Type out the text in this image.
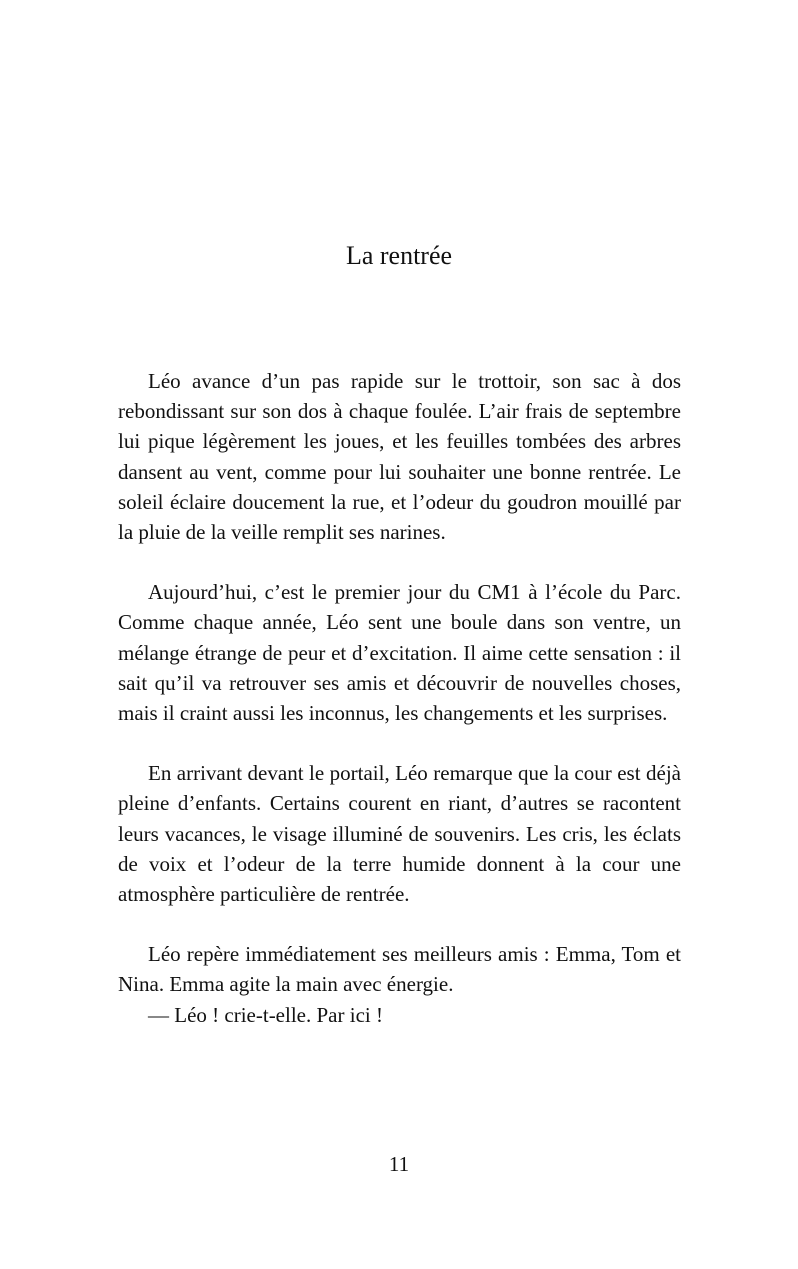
La rentrée

Léo avance d’un pas rapide sur le trottoir, son sac à dos rebondissant sur son dos à chaque foulée. L’air frais de septembre lui pique légèrement les joues, et les feuilles tombées des arbres dansent au vent, comme pour lui souhaiter une bonne rentrée. Le soleil éclaire doucement la rue, et l’odeur du goudron mouillé par la pluie de la veille remplit ses narines.

Aujourd’hui, c’est le premier jour du CM1 à l’école du Parc. Comme chaque année, Léo sent une boule dans son ventre, un mélange étrange de peur et d’excitation. Il aime cette sensation : il sait qu’il va retrouver ses amis et découvrir de nouvelles choses, mais il craint aussi les inconnus, les changements et les surprises.

En arrivant devant le portail, Léo remarque que la cour est déjà pleine d’enfants. Certains courent en riant, d’autres se racontent leurs vacances, le visage illuminé de souvenirs. Les cris, les éclats de voix et l’odeur de la terre humide donnent à la cour une atmosphère particulière de rentrée.

Léo repère immédiatement ses meilleurs amis : Emma, Tom et Nina. Emma agite la main avec énergie.

— Léo ! crie-t-elle. Par ici !

11
